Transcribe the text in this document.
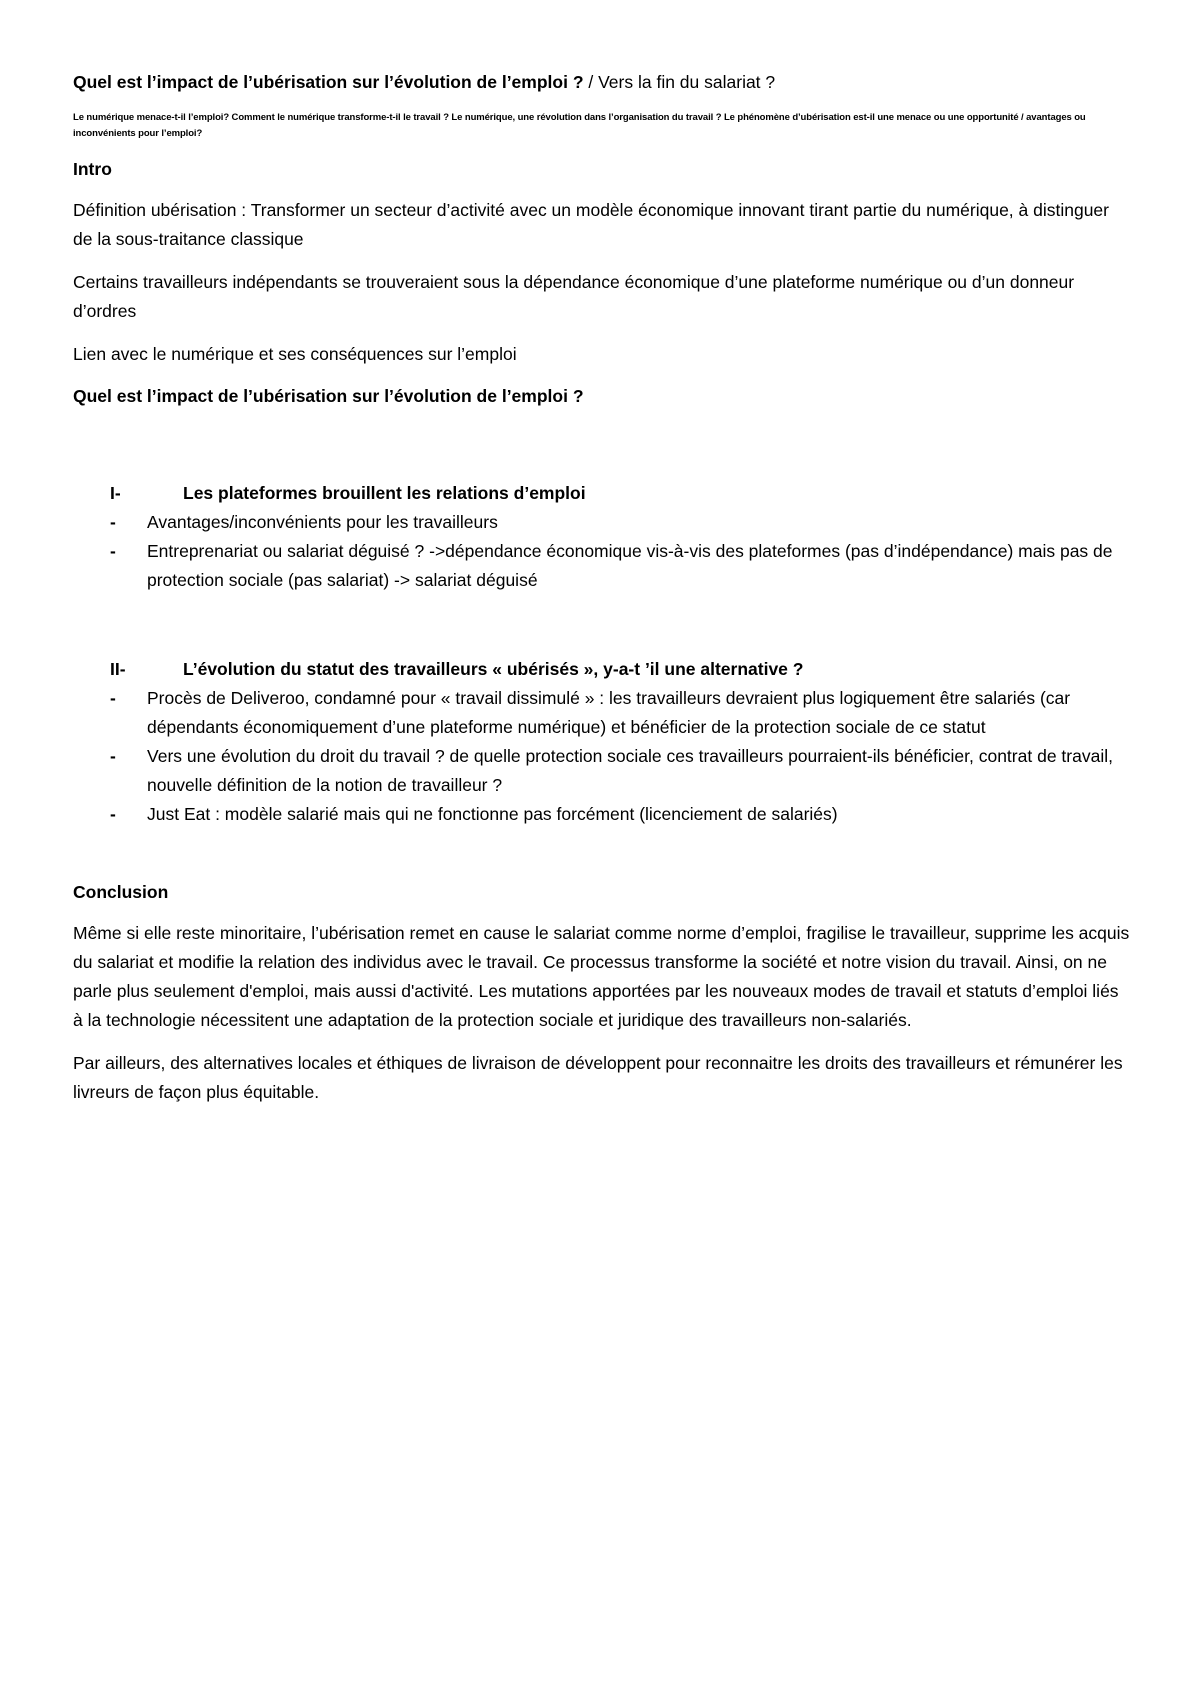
Quel est l’impact de l’ubérisation sur l’évolution de l’emploi ? / Vers la fin du salariat ?
Le numérique menace-t-il l’emploi? Comment le numérique transforme-t-il le travail ? Le numérique, une révolution dans l’organisation du travail ? Le phénomène d’ubérisation est-il une menace ou une opportunité / avantages ou inconvénients pour l’emploi?
Intro

Définition ubérisation : Transformer un secteur d’activité avec un modèle économique innovant tirant partie du numérique, à distinguer de la sous-traitance classique

Certains travailleurs indépendants se trouveraient sous la dépendance économique d’une plateforme numérique ou d’un donneur d’ordres

Lien avec le numérique et ses conséquences sur l’emploi

Quel est l’impact de l’ubérisation sur l’évolution de l’emploi ?
I-	Les plateformes brouillent les relations d’emploi
-	Avantages/inconvénients pour les travailleurs
-	Entreprenariat ou salariat déguisé ? ->dépendance économique vis-à-vis des plateformes (pas d’indépendance) mais pas de protection sociale (pas salariat) -> salariat déguisé
II-	L’évolution du statut des travailleurs « ubérisés », y-a-t ’il une alternative ?
-	Procès de Deliveroo, condamné pour « travail dissimulé » : les travailleurs devraient plus logiquement être salariés (car dépendants économiquement d’une plateforme numérique) et bénéficier de la protection sociale de ce statut
-	Vers une évolution du droit du travail ? de quelle protection sociale ces travailleurs pourraient-ils bénéficier, contrat de travail, nouvelle définition de la notion de travailleur ?
-	Just Eat : modèle salarié mais qui ne fonctionne pas forcément (licenciement de salariés)
Conclusion

Même si elle reste minoritaire, l’ubérisation remet en cause le salariat comme norme d’emploi, fragilise le travailleur, supprime les acquis du salariat et modifie la relation des individus avec le travail. Ce processus transforme la société et notre vision du travail. Ainsi, on ne parle plus seulement d'emploi, mais aussi d'activité. Les mutations apportées par les nouveaux modes de travail et statuts d’emploi liés à la technologie nécessitent une adaptation de la protection sociale et juridique des travailleurs non-salariés.

Par ailleurs, des alternatives locales et éthiques de livraison de développent pour reconnaitre les droits des travailleurs et rémunérer les livreurs de façon plus équitable.
